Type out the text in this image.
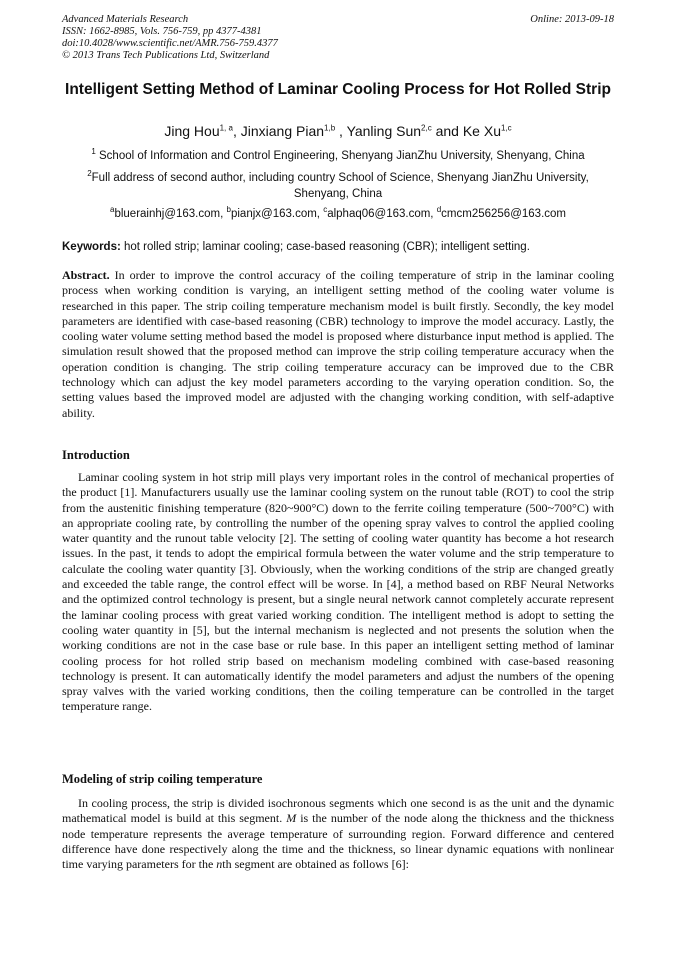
Advanced Materials Research
ISSN: 1662-8985, Vols. 756-759, pp 4377-4381
doi:10.4028/www.scientific.net/AMR.756-759.4377
© 2013 Trans Tech Publications Ltd, Switzerland
Online: 2013-09-18
Intelligent Setting Method of Laminar Cooling Process for Hot Rolled Strip
Jing Hou$^{1, a}$, Jinxiang Pian$^{1,b}$ , Yanling Sun$^{2,c}$ and Ke Xu$^{1,c}$
$^1$ School of Information and Control Engineering, Shenyang JianZhu University, Shenyang, China
$^2$Full address of second author, including country School of Science, Shenyang JianZhu University, Shenyang, China
$^a$bluerainhj@163.com, $^b$pianjx@163.com, $^c$alphaq06@163.com, $^d$cmcm256256@163.com
Keywords: hot rolled strip; laminar cooling; case-based reasoning (CBR); intelligent setting.
Abstract. In order to improve the control accuracy of the coiling temperature of strip in the laminar cooling process when working condition is varying, an intelligent setting method of the cooling water volume is researched in this paper. The strip coiling temperature mechanism model is built firstly. Secondly, the key model parameters are identified with case-based reasoning (CBR) technology to improve the model accuracy. Lastly, the cooling water volume setting method based the model is proposed where disturbance input method is applied. The simulation result showed that the proposed method can improve the strip coiling temperature accuracy when the operation condition is changing. The strip coiling temperature accuracy can be improved due to the CBR technology which can adjust the key model parameters according to the varying operation condition. So, the setting values based the improved model are adjusted with the changing working condition, with self-adaptive ability.
Introduction
Laminar cooling system in hot strip mill plays very important roles in the control of mechanical properties of the product [1]. Manufacturers usually use the laminar cooling system on the runout table (ROT) to cool the strip from the austenitic finishing temperature (820~900°C) down to the ferrite coiling temperature (500~700°C) with an appropriate cooling rate, by controlling the number of the opening spray valves to control the applied cooling water quantity and the runout table velocity [2]. The setting of cooling water quantity has become a hot research issues. In the past, it tends to adopt the empirical formula between the water volume and the strip temperature to calculate the cooling water quantity [3]. Obviously, when the working conditions of the strip are changed greatly and exceeded the table range, the control effect will be worse. In [4], a method based on RBF Neural Networks and the optimized control technology is present, but a single neural network cannot completely accurate represent the laminar cooling process with great varied working condition. The intelligent method is adopt to setting the cooling water quantity in [5], but the internal mechanism is neglected and not presents the solution when the working conditions are not in the case base or rule base. In this paper an intelligent setting method of laminar cooling process for hot rolled strip based on mechanism modeling combined with case-based reasoning technology is present. It can automatically identify the model parameters and adjust the numbers of the opening spray valves with the varied working conditions, then the coiling temperature can be controlled in the target temperature range.
Modeling of strip coiling temperature
In cooling process, the strip is divided isochronous segments which one second is as the unit and the dynamic mathematical model is build at this segment. M is the number of the node along the thickness and the thickness node temperature represents the average temperature of surrounding region. Forward difference and centered difference have done respectively along the time and the thickness, so linear dynamic equations with nonlinear time varying parameters for the nth segment are obtained as follows [6]:
